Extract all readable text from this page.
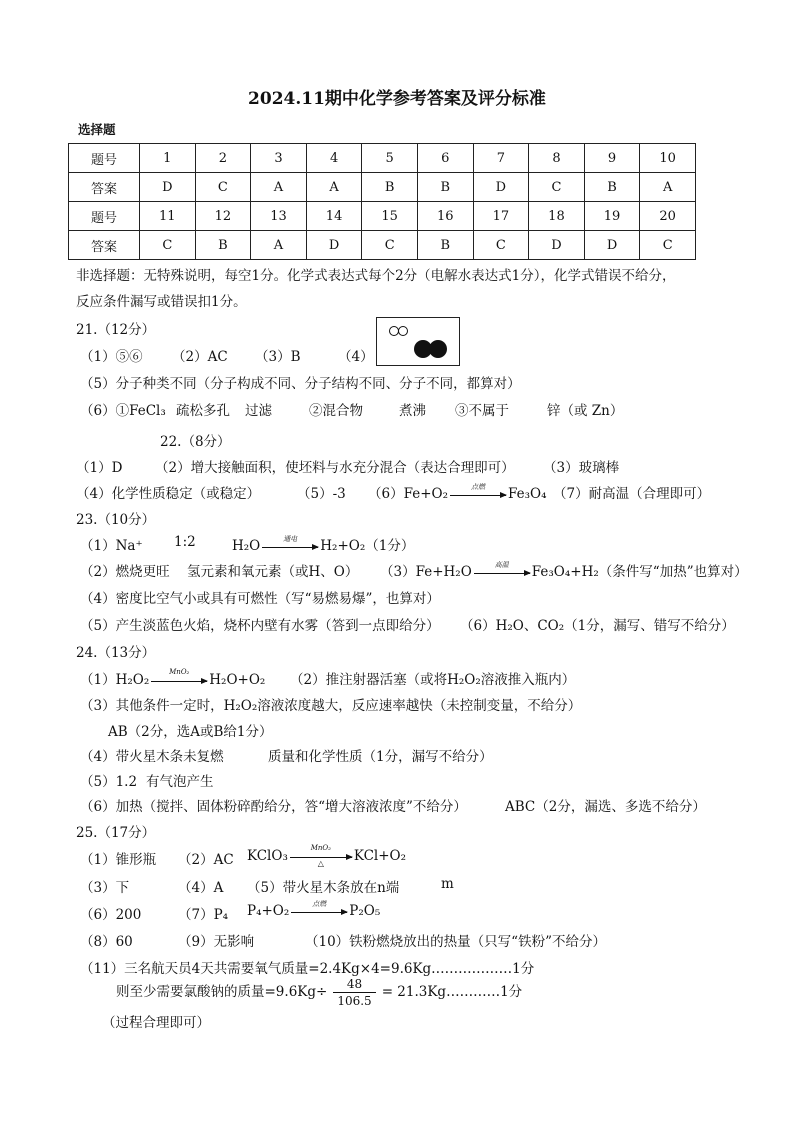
2024.11期中化学参考答案及评分标准
选择题
题号	1	2	3	4	5	6	7	8	9	10
答案	D	C	A	A	B	B	D	C	B	A
题号	11	12	13	14	15	16	17	18	19	20
答案	C	B	A	D	C	B	C	D	D	C
非选择题：无特殊说明，每空1分。化学式表达式每个2分（电解水表达式1分），化学式错误不给分，
反应条件漏写或错误扣1分。
21.（12分）
（1）⑤⑥ （2）AC （3）B	（4）
（5）分子种类不同（分子构成不同、分子结构不同、分子不同，都算对）
（6）①FeCl₃ 疏松多孔 过滤	②混合物	煮沸 ③不属于	锌（或 Zn）
22.（8分）
（1）D （2）增大接触面积，使坯料与水充分混合（表达合理即可） （3）玻璃棒
（4）化学性质稳定（或稳定）	（5）-3 （6）Fe+O₂	点燃	Fe₃O₄ （7）耐高温（合理即可）
23.（10分）
（1）Na⁺ 1:2	H₂O	通电	H₂+O₂（1分）
（2）燃烧更旺 氢元素和氧元素（或H、O） （3）Fe+H₂O	高温	Fe₃O₄+H₂（条件写“加热”也算对）
（4）密度比空气小或具有可燃性（写“易燃易爆”，也算对）
（5）产生淡蓝色火焰，烧杯内壁有水雾（答到一点即给分） （6）H₂O、CO₂（1分，漏写、错写不给分）
24.（13分）
（1）H₂O₂
MnO₂
H₂O+O₂ （2）推注射器活塞（或将H₂O₂溶液推入瓶内）
（3）其他条件一定时，H₂O₂溶液浓度越大，反应速率越快（未控制变量，不给分）
AB（2分，选A或B给1分）
（4）带火星木条未复燃	质量和化学性质（1分，漏写不给分）
（5）1.2 有气泡产生
（6）加热（搅拌、固体粉碎酌给分，答“增大溶液浓度”不给分）	ABC（2分，漏选、多选不给分）
25.（17分）
（1）锥形瓶 （2）AC KClO₃
MnO₂
△	KCl+O₂
（3）下	（4）A （5）带火星木条放在n端	m
（6）200	（7）P₄ P₄+O₂	点燃	P₂O₅
（8）60	（9）无影响	（10）铁粉燃烧放出的热量（只写“铁粉”不给分）
（11）三名航天员4天共需要氧气质量=2.4Kg×4=9.6Kg………………1分
则至少需要氯酸钠的质量$=9.6Kg\div \frac{48}{106.5}$ = 21.3Kg…………1分
（过程合理即可）
